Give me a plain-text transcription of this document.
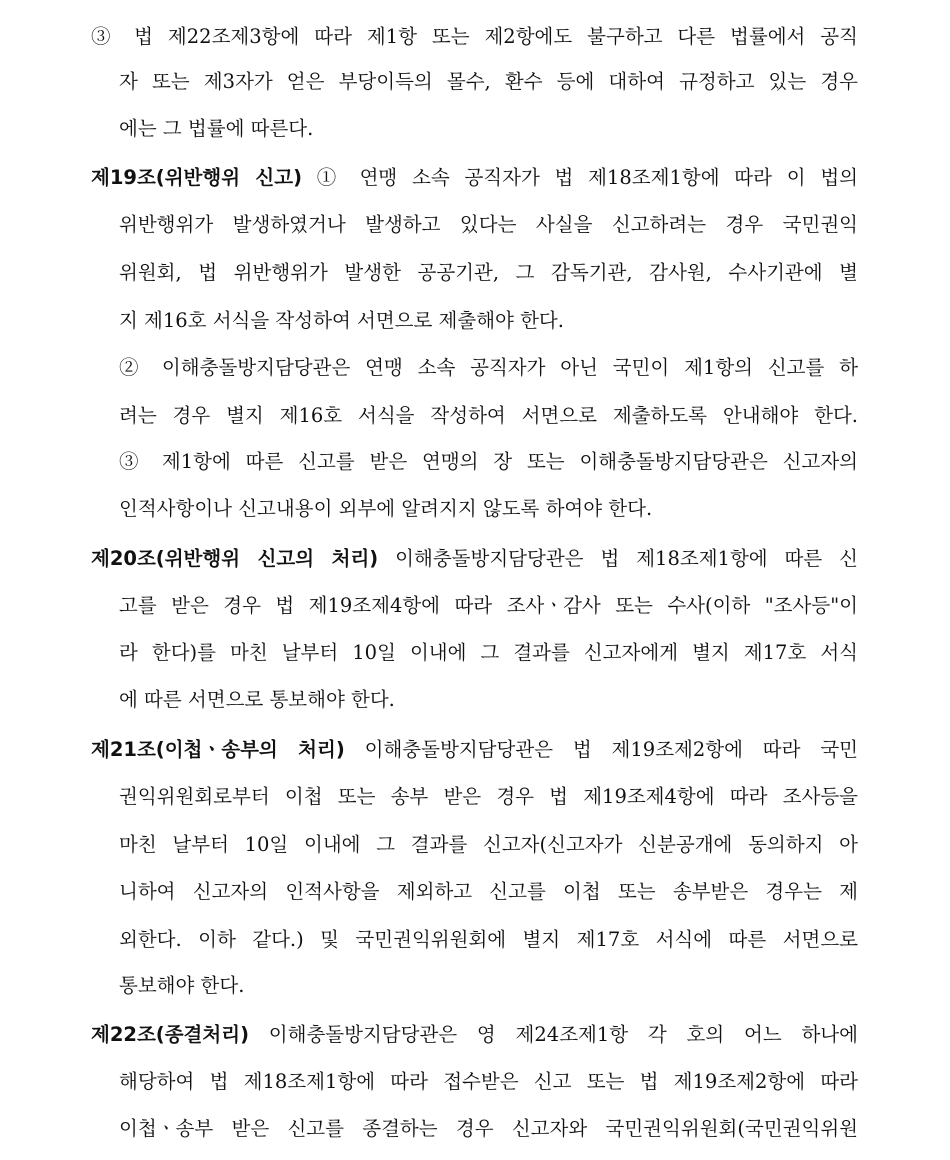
③ 법 제22조제3항에 따라 제1항 또는 제2항에도 불구하고 다른 법률에서 공직
자 또는 제3자가 얻은 부당이득의 몰수, 환수 등에 대하여 규정하고 있는 경우
에는 그 법률에 따른다.
제19조(위반행위 신고) ① 연맹 소속 공직자가 법 제18조제1항에 따라 이 법의
위반행위가 발생하였거나 발생하고 있다는 사실을 신고하려는 경우 국민권익
위원회, 법 위반행위가 발생한 공공기관, 그 감독기관, 감사원, 수사기관에 별
지 제16호 서식을 작성하여 서면으로 제출해야 한다.
② 이해충돌방지담당관은 연맹 소속 공직자가 아닌 국민이 제1항의 신고를 하
려는 경우 별지 제16호 서식을 작성하여 서면으로 제출하도록 안내해야 한다.
③ 제1항에 따른 신고를 받은 연맹의 장 또는 이해충돌방지담당관은 신고자의
인적사항이나 신고내용이 외부에 알려지지 않도록 하여야 한다.
제20조(위반행위 신고의 처리) 이해충돌방지담당관은 법 제18조제1항에 따른 신
고를 받은 경우 법 제19조제4항에 따라 조사ㆍ감사 또는 수사(이하 "조사등"이
라 한다)를 마친 날부터 10일 이내에 그 결과를 신고자에게 별지 제17호 서식
에 따른 서면으로 통보해야 한다.
제21조(이첩ㆍ송부의 처리) 이해충돌방지담당관은 법 제19조제2항에 따라 국민
권익위원회로부터 이첩 또는 송부 받은 경우 법 제19조제4항에 따라 조사등을
마친 날부터 10일 이내에 그 결과를 신고자(신고자가 신분공개에 동의하지 아
니하여 신고자의 인적사항을 제외하고 신고를 이첩 또는 송부받은 경우는 제
외한다. 이하 같다.) 및 국민권익위원회에 별지 제17호 서식에 따른 서면으로
통보해야 한다.
제22조(종결처리) 이해충돌방지담당관은 영 제24조제1항 각 호의 어느 하나에
해당하여 법 제18조제1항에 따라 접수받은 신고 또는 법 제19조제2항에 따라
이첩ㆍ송부 받은 신고를 종결하는 경우 신고자와 국민권익위원회(국민권익위원
